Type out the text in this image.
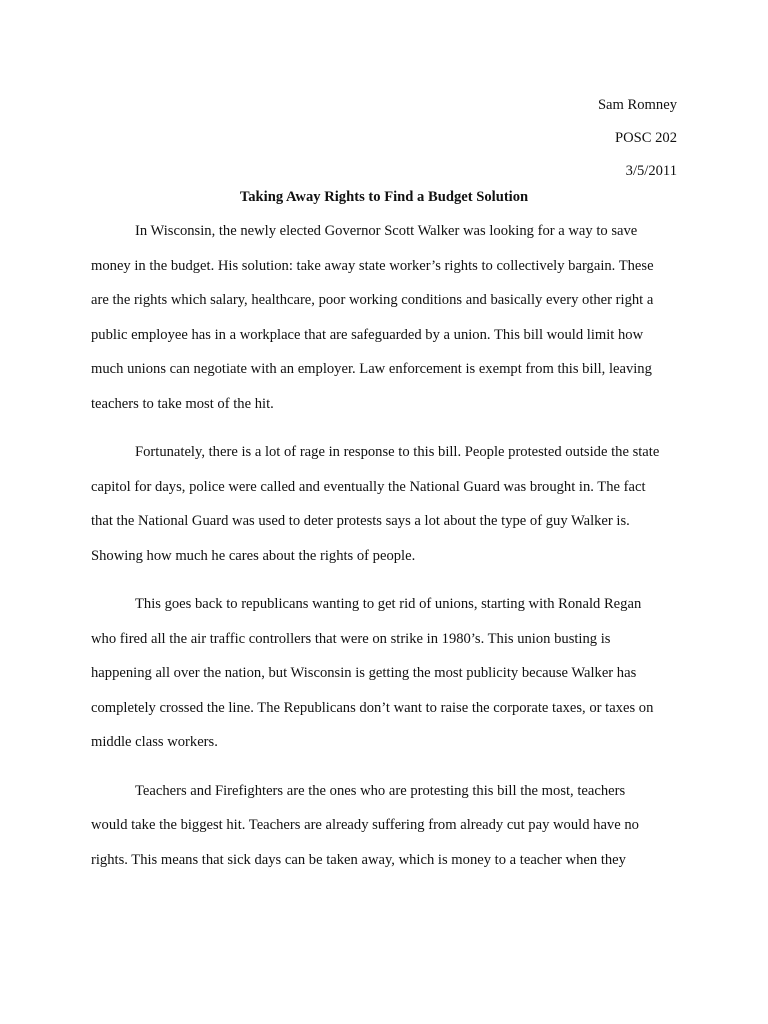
Sam Romney
POSC 202
3/5/2011
Taking Away Rights to Find a Budget Solution
In Wisconsin, the newly elected Governor Scott Walker was looking for a way to save
money in the budget. His solution: take away state worker’s rights to collectively bargain. These
are the rights which salary, healthcare, poor working conditions and basically every other right a
public employee has in a workplace that are safeguarded by a union. This bill would limit how
much unions can negotiate with an employer. Law enforcement is exempt from this bill, leaving
teachers to take most of the hit.
Fortunately, there is a lot of rage in response to this bill. People protested outside the state
capitol for days, police were called and eventually the National Guard was brought in. The fact
that the National Guard was used to deter protests says a lot about the type of guy Walker is.
Showing how much he cares about the rights of people.
This goes back to republicans wanting to get rid of unions, starting with Ronald Regan
who fired all the air traffic controllers that were on strike in 1980’s. This union busting is
happening all over the nation, but Wisconsin is getting the most publicity because Walker has
completely crossed the line. The Republicans don’t want to raise the corporate taxes, or taxes on
middle class workers.
Teachers and Firefighters are the ones who are protesting this bill the most, teachers
would take the biggest hit. Teachers are already suffering from already cut pay would have no
rights. This means that sick days can be taken away, which is money to a teacher when they
